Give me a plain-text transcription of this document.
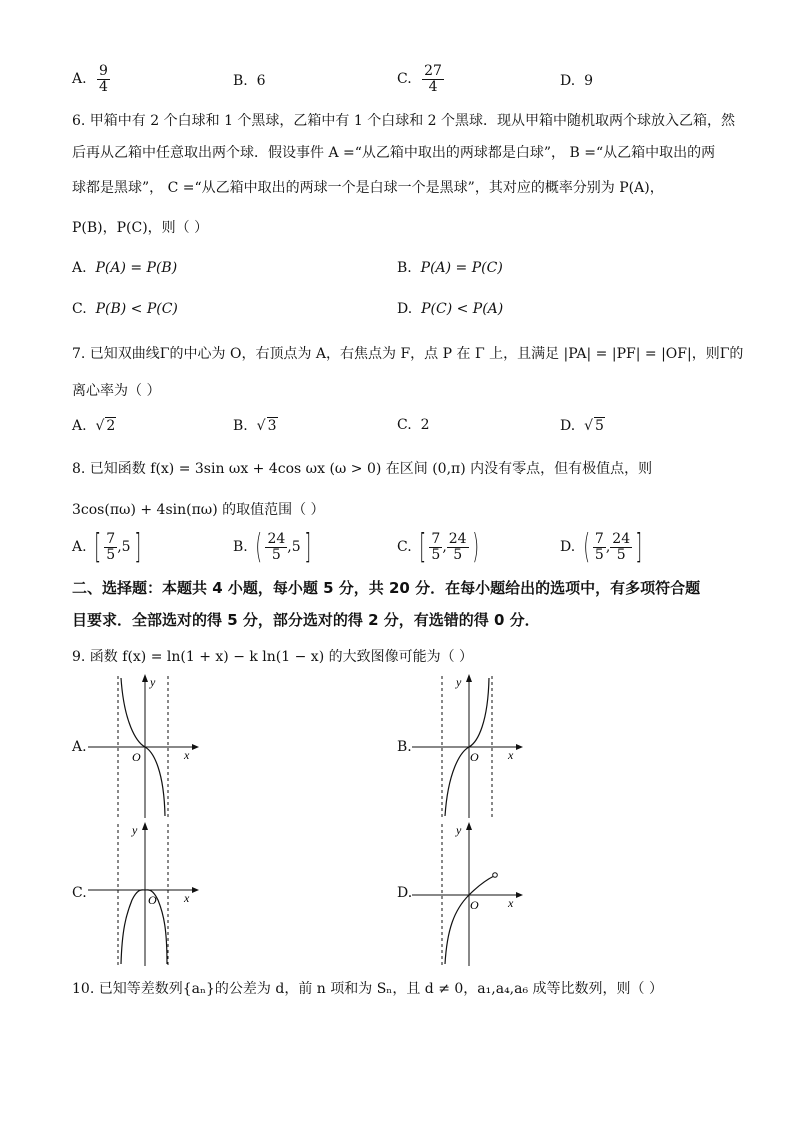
A. $\frac{9}{4}$	B. 6	C. $\frac{27}{4}$	D. 9
6. 甲箱中有 2 个白球和 1 个黑球，乙箱中有 1 个白球和 2 个黑球．现从甲箱中随机取两个球放入乙箱，然
后再从乙箱中任意取出两个球．假设事件 A =“从乙箱中取出的两球都是白球”， B =“从乙箱中取出的两
球都是黑球”， C =“从乙箱中取出的两球一个是白球一个是黑球”，其对应的概率分别为 P(A)，
P(B)，P(C)，则（ ）
A. P(A) = P(B)	B. P(A) = P(C)
C. P(B) < P(C)	D. P(C) < P(A)
7. 已知双曲线Γ的中心为 O，右顶点为 A，右焦点为 F，点 P 在 Γ 上，且满足 |PA| = |PF| = |OF|，则Γ的
离心率为（ ）
A. √ 2	B. √ 3	C. 2	D. √ 5
8. 已知函数 f(x) = 3sin ωx + 4cos ωx (ω > 0) 在区间 (0,π) 内没有零点，但有极值点，则
3cos(πω) + 4sin(πω) 的取值范围（ ）
A. [ $\frac{7}{5} ,5$ ]	B. ( $\frac{24}{5} ,5$ ]	C. [ $\frac{7}{5}$ , $\frac{24}{5}$ )	D. ( $\frac{7}{5}$ , $\frac{24}{5}$ ]
二、选择题：本题共 4 小题，每小题 5 分，共 20 分．在每小题给出的选项中，有多项符合题
目要求．全部选对的得 5 分，部分选对的得 2 分，有选错的得 0 分．
9. 函数 f(x) = ln(1 + x) − k ln(1 − x) 的大致图像可能为（ ）
A.	B.
C.	D.
y
x
O
y
x
O
y
x
O
y
x
O
10. 已知等差数列{aₙ}的公差为 d，前 n 项和为 Sₙ，且 d ≠ 0，a₁,a₄,a₆ 成等比数列，则（ ）
